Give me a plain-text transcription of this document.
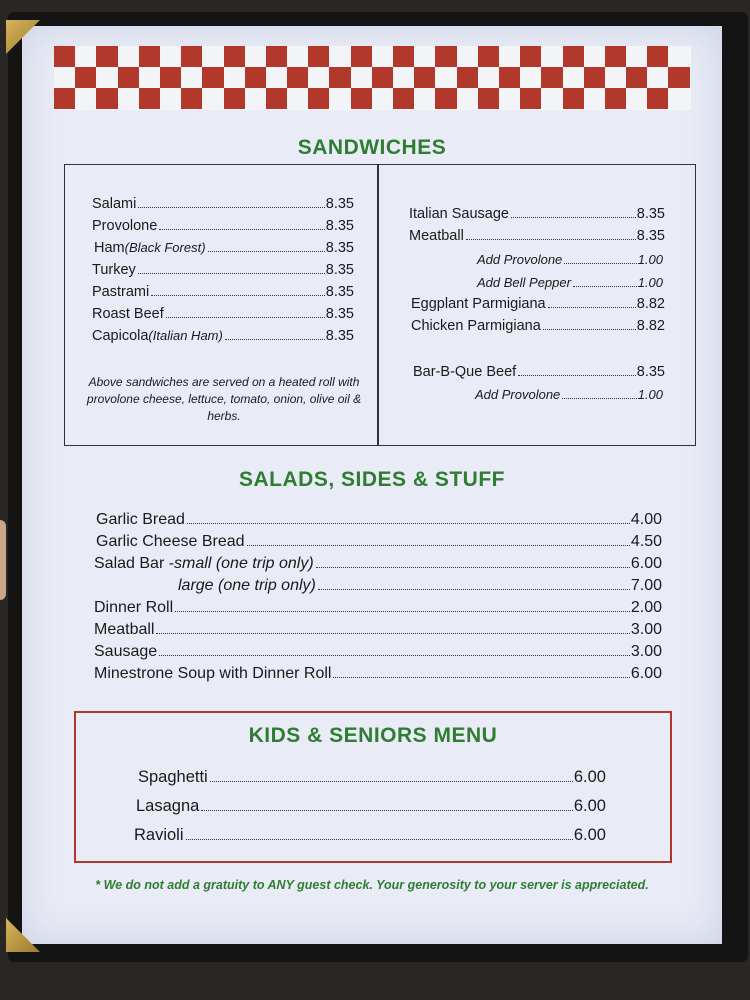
SANDWICHES
Salami	8.35
Provolone	8.35
Ham (Black Forest)	8.35
Turkey	8.35
Pastrami	8.35
Roast Beef	8.35
Capicola (Italian Ham)	8.35
Above sandwiches are served on a heated roll with provolone cheese, lettuce, tomato, onion, olive oil & herbs.
Italian Sausage	8.35
Meatball	8.35
Add Provolone	1.00
Add Bell Pepper	1.00
Eggplant Parmigiana	8.82
Chicken Parmigiana	8.82
Bar-B-Que Beef	8.35
Add Provolone	1.00
SALADS, SIDES & STUFF
Garlic Bread	4.00
Garlic Cheese Bread	4.50
Salad Bar - small (one trip only)	6.00
large (one trip only)	7.00
Dinner Roll	2.00
Meatball	3.00
Sausage	3.00
Minestrone Soup with Dinner Roll	6.00
KIDS & SENIORS MENU
Spaghetti	6.00
Lasagna	6.00
Ravioli	6.00
* We do not add a gratuity to ANY guest check. Your generosity to your server is appreciated.
